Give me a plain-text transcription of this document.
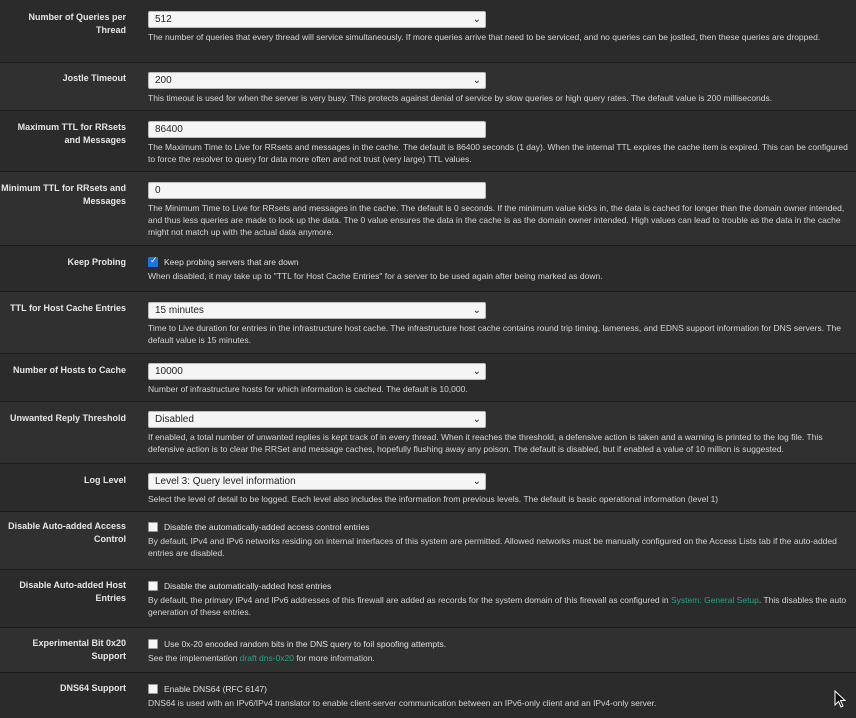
Number of Queries per Thread
512	⌄
The number of queries that every thread will service simultaneously. If more queries arrive that need to be serviced, and no queries can be jostled, then these queries are dropped.
Jostle Timeout	200	⌄
This timeout is used for when the server is very busy. This protects against denial of service by slow queries or high query rates. The default value is 200 milliseconds.
Maximum TTL for RRsets and Messages
86400
The Maximum Time to Live for RRsets and messages in the cache. The default is 86400 seconds (1 day). When the internal TTL expires the cache item is expired. This can be configured to force the resolver to query for data more often and not trust (very large) TTL values.
Minimum TTL for RRsets and Messages
0
The Minimum Time to Live for RRsets and messages in the cache. The default is 0 seconds. If the minimum value kicks in, the data is cached for longer than the domain owner intended, and thus less queries are made to look up the data. The 0 value ensures the data in the cache is as the domain owner intended. High values can lead to trouble as the data in the cache might not match up with the actual data anymore.
Keep Probing
✓	Keep probing servers that are down
When disabled, it may take up to "TTL for Host Cache Entries" for a server to be used again after being marked as down.
TTL for Host Cache Entries	15 minutes	⌄
Time to Live duration for entries in the infrastructure host cache. The infrastructure host cache contains round trip timing, lameness, and EDNS support information for DNS servers. The default value is 15 minutes.
Number of Hosts to Cache	10000	⌄
Number of infrastructure hosts for which information is cached. The default is 10,000.
Unwanted Reply Threshold	Disabled	⌄
If enabled, a total number of unwanted replies is kept track of in every thread. When it reaches the threshold, a defensive action is taken and a warning is printed to the log file. This defensive action is to clear the RRSet and message caches, hopefully flushing away any poison. The default is disabled, but if enabled a value of 10 million is suggested.
Log Level	Level 3: Query level information	⌄
Select the level of detail to be logged. Each level also includes the information from previous levels. The default is basic operational information (level 1)
Disable Auto-added Access Control
Disable the automatically-added access control entries
By default, IPv4 and IPv6 networks residing on internal interfaces of this system are permitted. Allowed networks must be manually configured on the Access Lists tab if the auto-added entries are disabled.
Disable Auto-added Host Entries
Disable the automatically-added host entries
By default, the primary IPv4 and IPv6 addresses of this firewall are added as records for the system domain of this firewall as configured in System: General Setup. This disables the auto generation of these entries.
Experimental Bit 0x20 Support
Use 0x-20 encoded random bits in the DNS query to foil spoofing attempts.
See the implementation draft dns-0x20 for more information.
DNS64 Support	Enable DNS64 (RFC 6147)
DNS64 is used with an IPv6/IPv4 translator to enable client-server communication between an IPv6-only client and an IPv4-only server.
